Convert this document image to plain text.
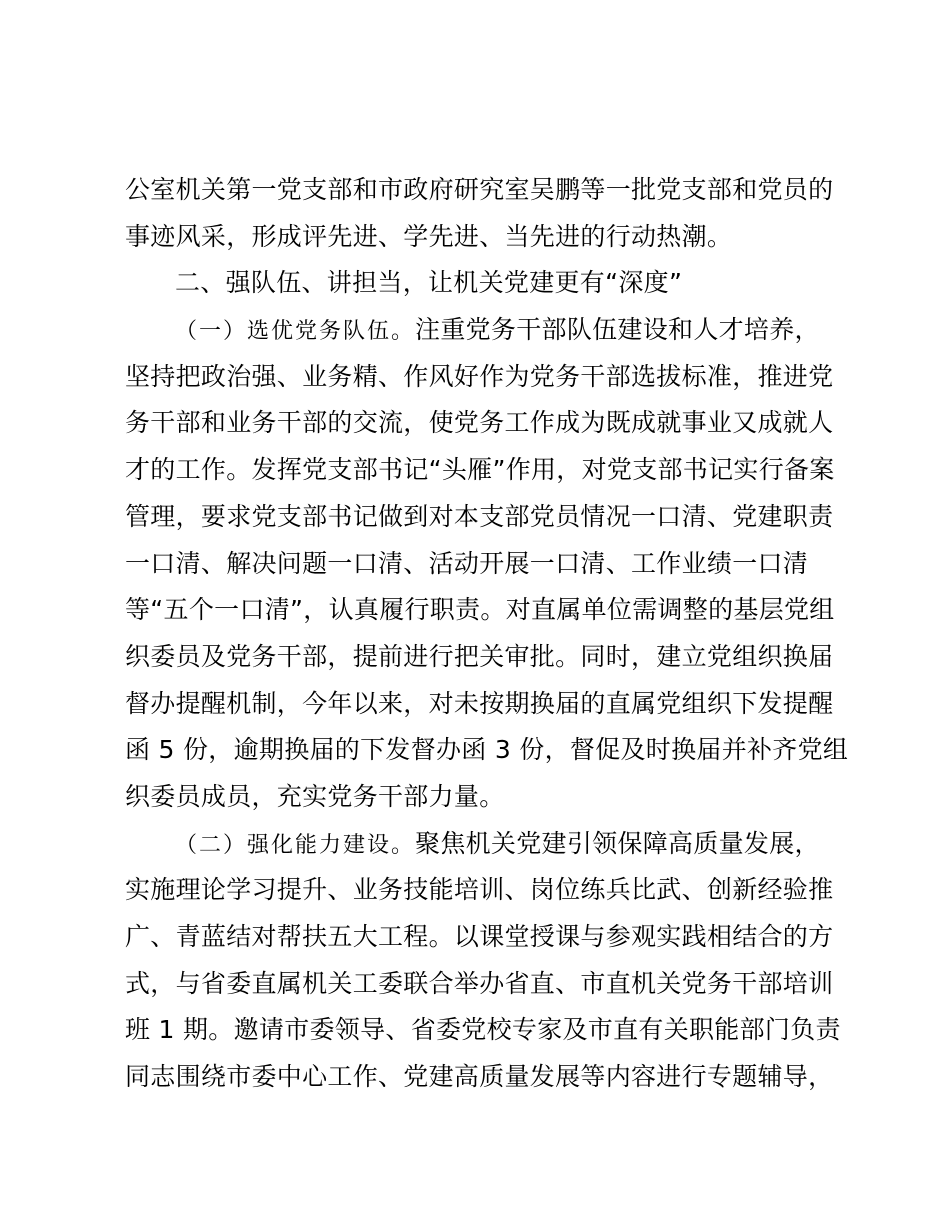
公室机关第一党支部和市政府研究室吴鹏等一批党支部和党员的
事迹风采，形成评先进、学先进、当先进的行动热潮。
二、强队伍、讲担当，让机关党建更有“深度”
（一）选优党务队伍。注重党务干部队伍建设和人才培养，
坚持把政治强、业务精、作风好作为党务干部选拔标准，推进党
务干部和业务干部的交流，使党务工作成为既成就事业又成就人
才的工作。发挥党支部书记“头雁”作用，对党支部书记实行备案
管理，要求党支部书记做到对本支部党员情况一口清、党建职责
一口清、解决问题一口清、活动开展一口清、工作业绩一口清
等“五个一口清”，认真履行职责。对直属单位需调整的基层党组
织委员及党务干部，提前进行把关审批。同时，建立党组织换届
督办提醒机制，今年以来，对未按期换届的直属党组织下发提醒
函 5 份，逾期换届的下发督办函 3 份，督促及时换届并补齐党组
织委员成员，充实党务干部力量。
（二）强化能力建设。聚焦机关党建引领保障高质量发展，
实施理论学习提升、业务技能培训、岗位练兵比武、创新经验推
广、青蓝结对帮扶五大工程。以课堂授课与参观实践相结合的方
式，与省委直属机关工委联合举办省直、市直机关党务干部培训
班 1 期。邀请市委领导、省委党校专家及市直有关职能部门负责
同志围绕市委中心工作、党建高质量发展等内容进行专题辅导，
